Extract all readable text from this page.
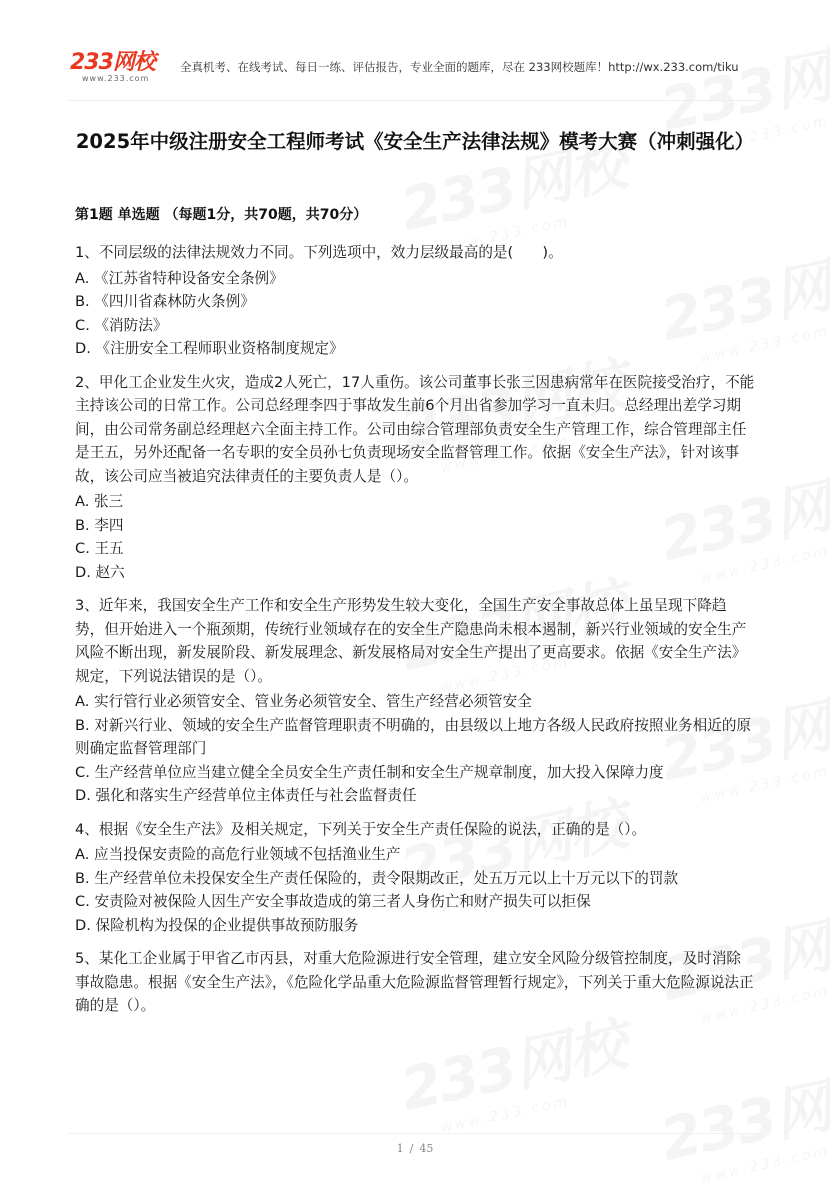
233网校
www.233.com
全真机考、在线考试、每日一练、评估报告，专业全面的题库，尽在 233网校题库！http://wx.233.com/tiku
2025年中级注册安全工程师考试《安全生产法律法规》模考大赛（冲刺强化）
第1题 单选题 （每题1分，共70题，共70分）

1、不同层级的法律法规效力不同。下列选项中，效力层级最高的是(　　)。

A. 《江苏省特种设备安全条例》

B. 《四川省森林防火条例》

C. 《消防法》

D. 《注册安全工程师职业资格制度规定》

2、甲化工企业发生火灾，造成2人死亡，17人重伤。该公司董事长张三因患病常年在医院接受治疗，不能主持该公司的日常工作。公司总经理李四于事故发生前6个月出省参加学习一直未归。总经理出差学习期间，由公司常务副总经理赵六全面主持工作。公司由综合管理部负责安全生产管理工作，综合管理部主任是王五，另外还配备一名专职的安全员孙七负责现场安全监督管理工作。依据《安全生产法》，针对该事故，该公司应当被追究法律责任的主要负责人是（）。

A. 张三

B. 李四

C. 王五

D. 赵六

3、近年来，我国安全生产工作和安全生产形势发生较大变化，全国生产安全事故总体上虽呈现下降趋势，但开始进入一个瓶颈期，传统行业领域存在的安全生产隐患尚未根本遏制，新兴行业领域的安全生产风险不断出现，新发展阶段、新发展理念、新发展格局对安全生产提出了更高要求。依据《安全生产法》规定，下列说法错误的是（）。

A. 实行管行业必须管安全、管业务必须管安全、管生产经营必须管安全

B. 对新兴行业、领域的安全生产监督管理职责不明确的，由县级以上地方各级人民政府按照业务相近的原则确定监督管理部门

C. 生产经营单位应当建立健全全员安全生产责任制和安全生产规章制度，加大投入保障力度

D. 强化和落实生产经营单位主体责任与社会监督责任

4、根据《安全生产法》及相关规定，下列关于安全生产责任保险的说法，正确的是（）。

A. 应当投保安责险的高危行业领域不包括渔业生产

B. 生产经营单位未投保安全生产责任保险的，责令限期改正，处五万元以上十万元以下的罚款

C. 安责险对被保险人因生产安全事故造成的第三者人身伤亡和财产损失可以拒保

D. 保险机构为投保的企业提供事故预防服务

5、某化工企业属于甲省乙市丙县，对重大危险源进行安全管理，建立安全风险分级管控制度，及时消除事故隐患。根据《安全生产法》，《危险化学品重大危险源监督管理暂行规定》，下列关于重大危险源说法正确的是（）。

1 / 45
